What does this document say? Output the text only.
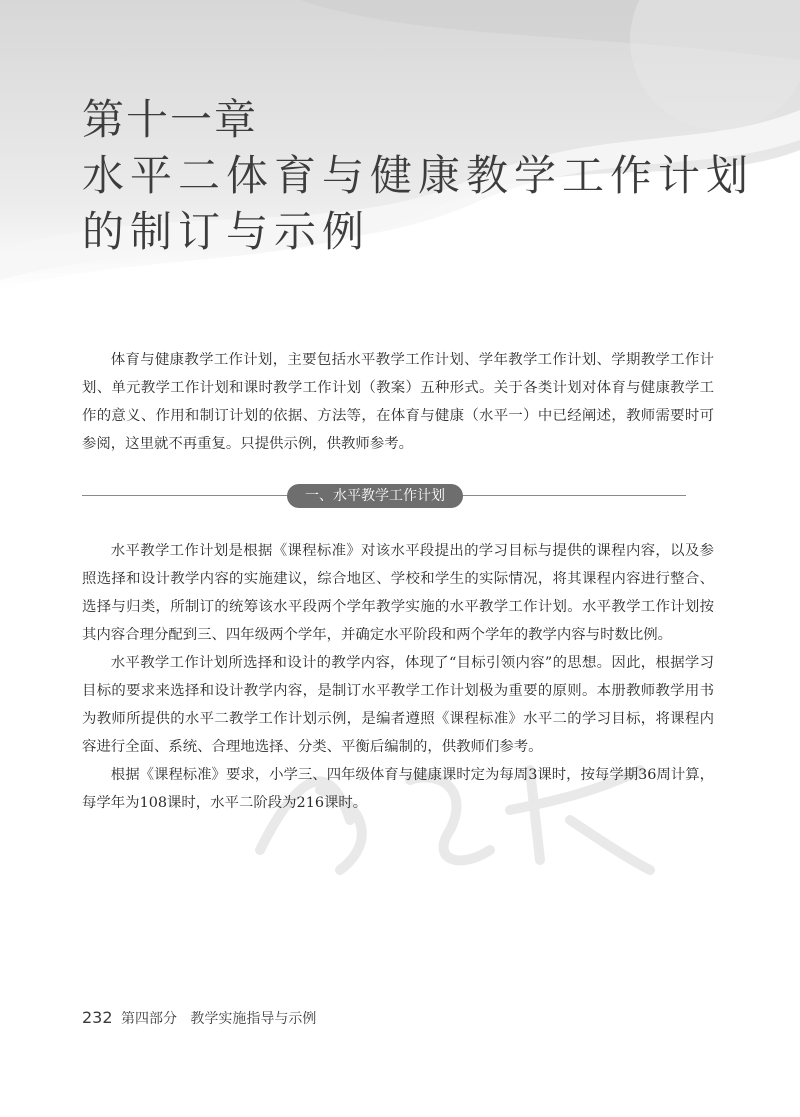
第十一章
水平二体育与健康教学工作计划
的制订与示例

体育与健康教学工作计划，主要包括水平教学工作计划、学年教学工作计划、学期教学工作计划、单元教学工作计划和课时教学工作计划（教案）五种形式。关于各类计划对体育与健康教学工作的意义、作用和制订计划的依据、方法等，在体育与健康（水平一）中已经阐述，教师需要时可参阅，这里就不再重复。只提供示例，供教师参考。

一、水平教学工作计划

水平教学工作计划是根据《课程标准》对该水平段提出的学习目标与提供的课程内容，以及参照选择和设计教学内容的实施建议，综合地区、学校和学生的实际情况，将其课程内容进行整合、选择与归类，所制订的统筹该水平段两个学年教学实施的水平教学工作计划。水平教学工作计划按其内容合理分配到三、四年级两个学年，并确定水平阶段和两个学年的教学内容与时数比例。

水平教学工作计划所选择和设计的教学内容，体现了“目标引领内容”的思想。因此，根据学习目标的要求来选择和设计教学内容，是制订水平教学工作计划极为重要的原则。本册教师教学用书为教师所提供的水平二教学工作计划示例，是编者遵照《课程标准》水平二的学习目标，将课程内容进行全面、系统、合理地选择、分类、平衡后编制的，供教师们参考。

根据《课程标准》要求，小学三、四年级体育与健康课时定为每周3课时，按每学期36周计算，每学年为108课时，水平二阶段为216课时。

232 第四部分 教学实施指导与示例
